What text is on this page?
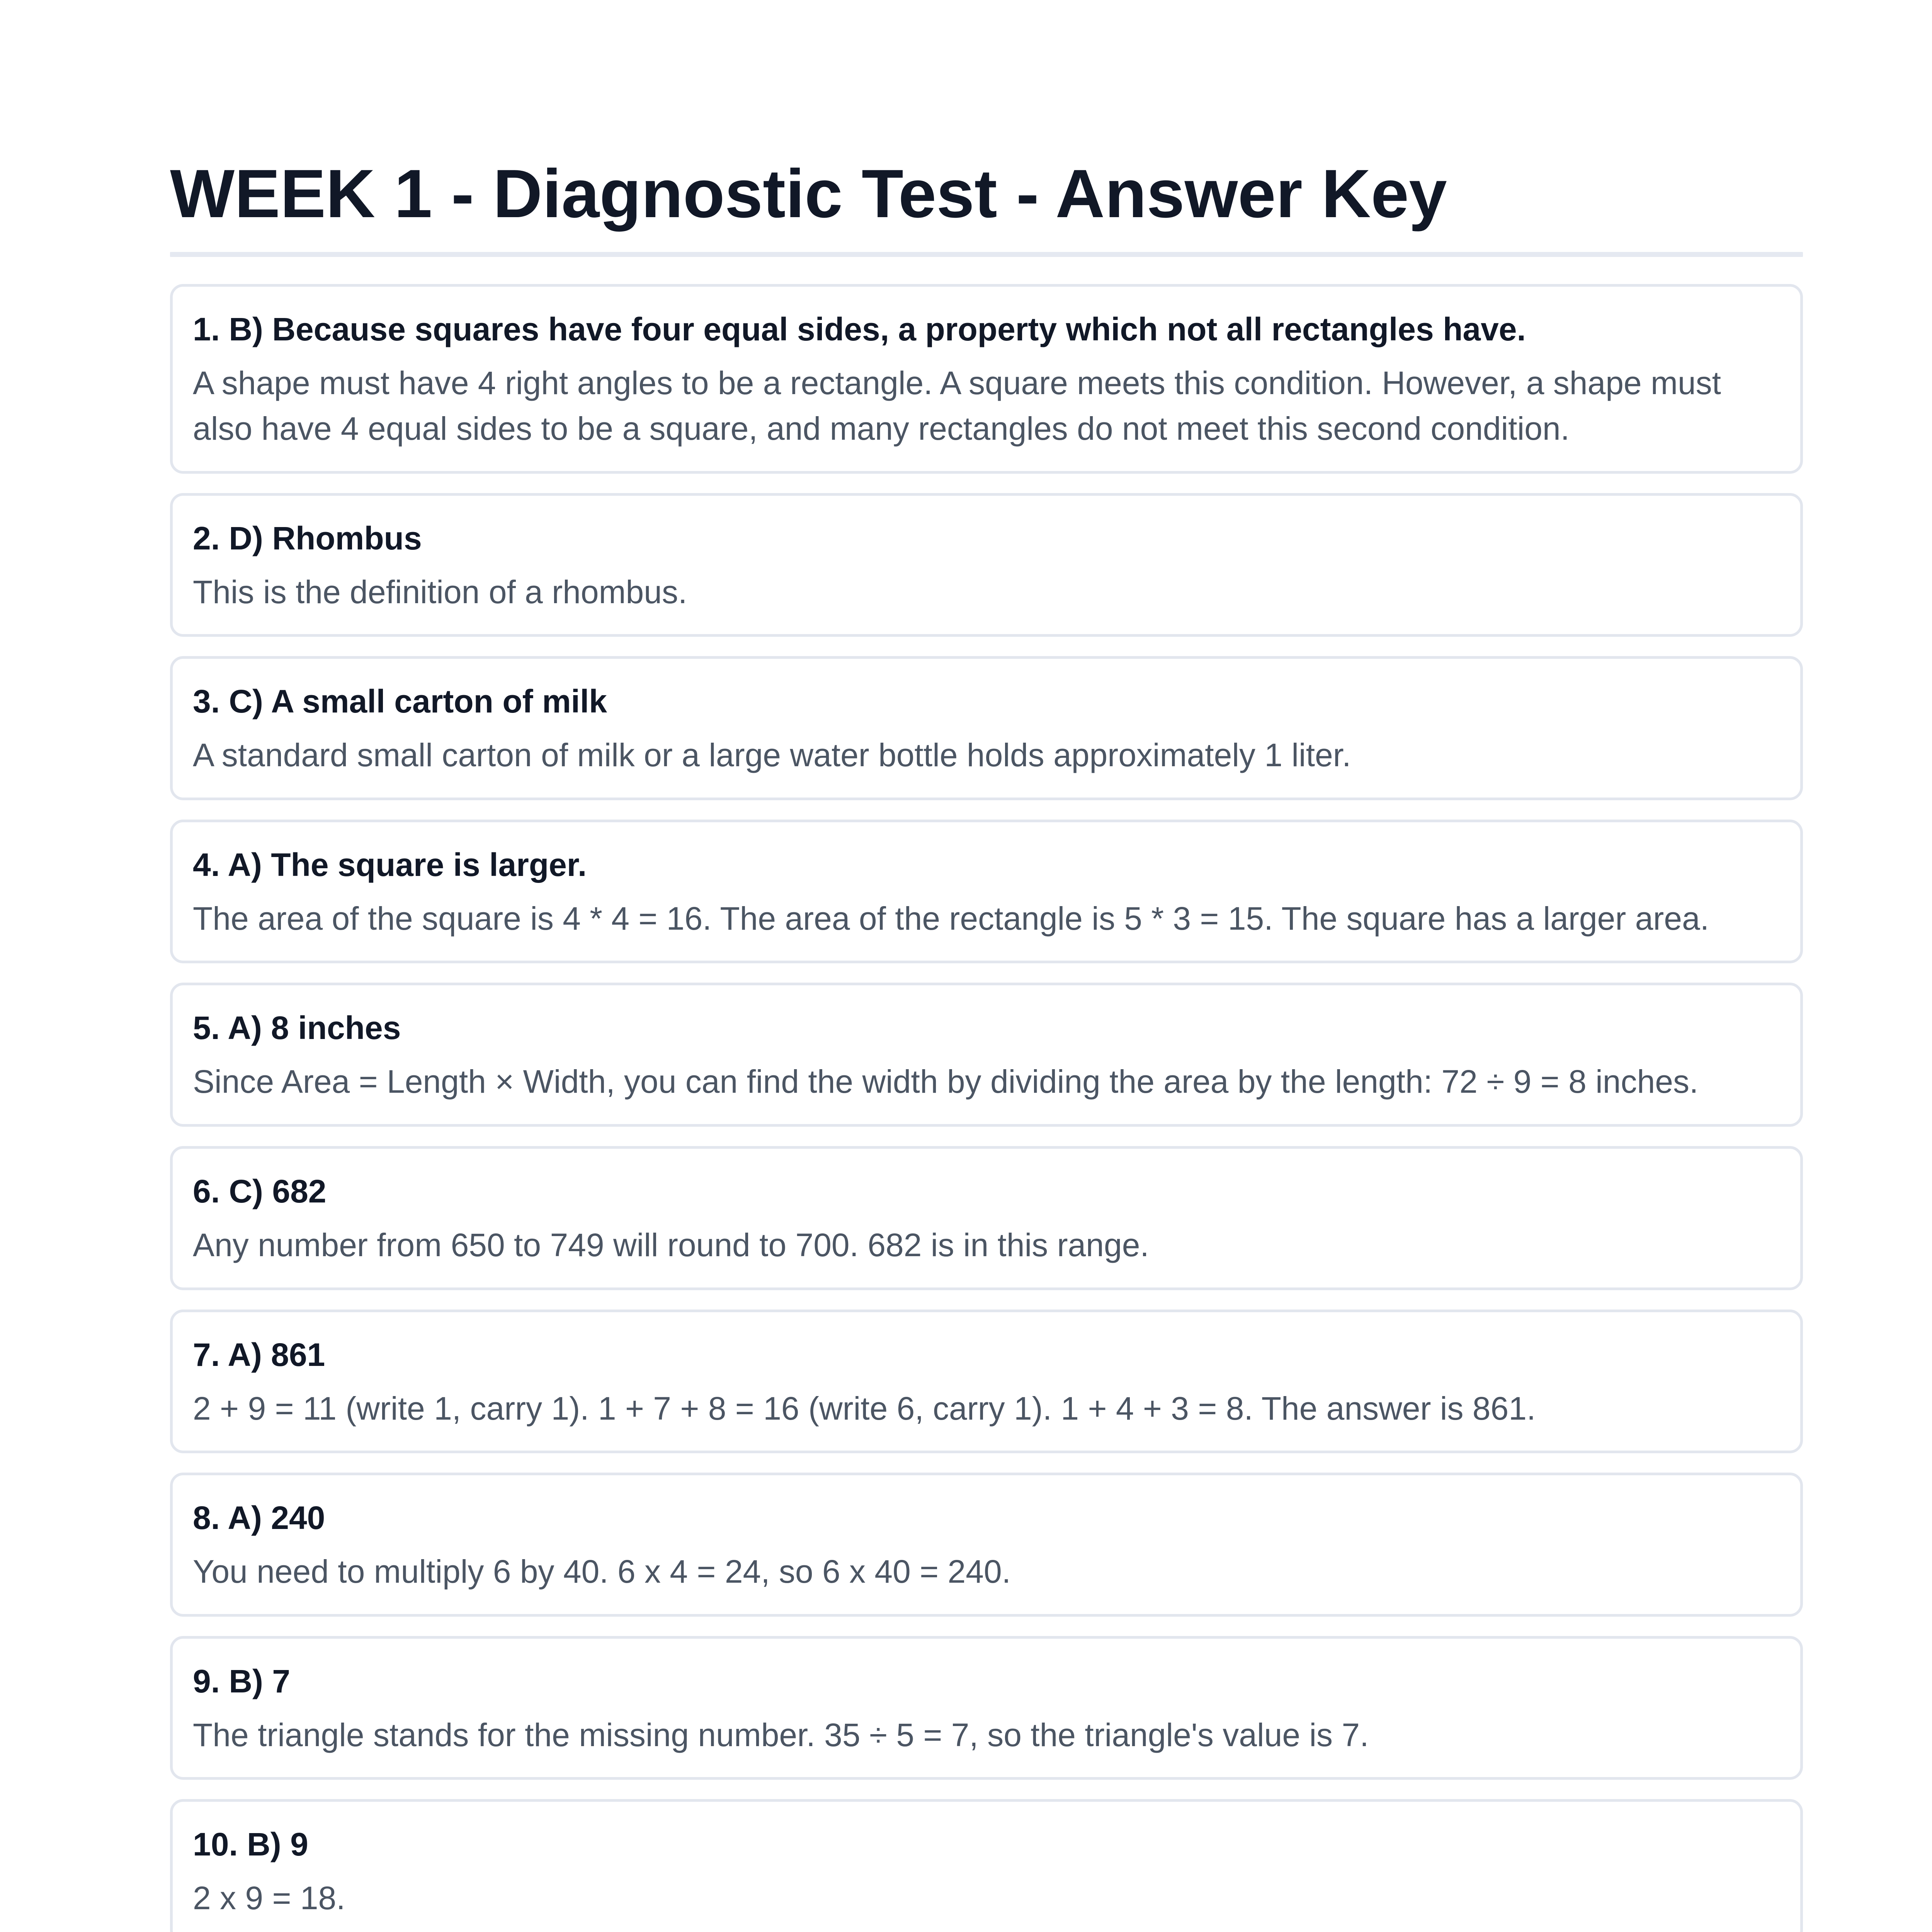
WEEK 1 - Diagnostic Test - Answer Key
1. B) Because squares have four equal sides, a property which not all rectangles have.
A shape must have 4 right angles to be a rectangle. A square meets this condition. However, a shape must also have 4 equal sides to be a square, and many rectangles do not meet this second condition.
2. D) Rhombus
This is the definition of a rhombus.
3. C) A small carton of milk
A standard small carton of milk or a large water bottle holds approximately 1 liter.
4. A) The square is larger.
The area of the square is 4 * 4 = 16. The area of the rectangle is 5 * 3 = 15. The square has a larger area.
5. A) 8 inches
Since Area = Length × Width, you can find the width by dividing the area by the length: 72 ÷ 9 = 8 inches.
6. C) 682
Any number from 650 to 749 will round to 700. 682 is in this range.
7. A) 861
2 + 9 = 11 (write 1, carry 1). 1 + 7 + 8 = 16 (write 6, carry 1). 1 + 4 + 3 = 8. The answer is 861.
8. A) 240
You need to multiply 6 by 40. 6 x 4 = 24, so 6 x 40 = 240.
9. B) 7
The triangle stands for the missing number. 35 ÷ 5 = 7, so the triangle's value is 7.
10. B) 9
2 x 9 = 18.
